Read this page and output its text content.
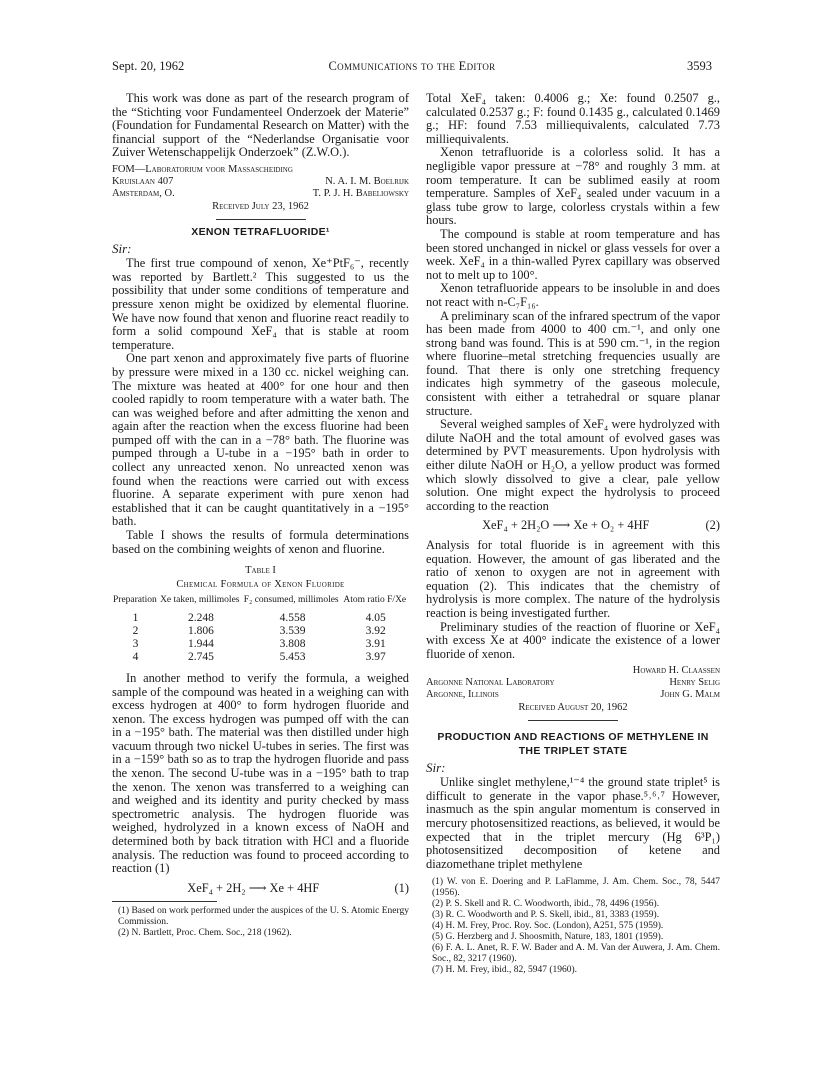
Sept. 20, 1962	Communications to the Editor	3593

This work was done as part of the research program of the “Stichting voor Fundamenteel Onderzoek der Materie” (Foundation for Fundamental Research on Matter) with the financial support of the “Nederlandse Organisatie voor Zuiver Wetenschappelijk Onderzoek” (Z.W.O.).

FOM—Laboratorium voor Massascheiding
Kruislaan 407	N. A. I. M. Boelrijk
Amsterdam, O.	T. P. J. H. Babeliowsky
Received July 23, 1962
XENON TETRAFLUORIDE¹
Sir:

The first true compound of xenon, Xe⁺PtF₆⁻, recently was reported by Bartlett.² This suggested to us the possibility that under some conditions of temperature and pressure xenon might be oxidized by elemental fluorine. We have now found that xenon and fluorine react readily to form a solid compound XeF₄ that is stable at room temperature.

One part xenon and approximately five parts of fluorine by pressure were mixed in a 130 cc. nickel weighing can. The mixture was heated at 400° for one hour and then cooled rapidly to room temperature with a water bath. The can was weighed before and after admitting the xenon and again after the reaction when the excess fluorine had been pumped off with the can in a −78° bath. The fluorine was pumped through a U-tube in a −195° bath in order to collect any unreacted xenon. No unreacted xenon was found when the reactions were carried out with excess fluorine. A separate experiment with pure xenon had established that it can be caught quantitatively in a −195° bath.

Table I shows the results of formula determinations based on the combining weights of xenon and fluorine.

Table I
Chemical Formula of Xenon Fluoride
Preparation	Xe taken, millimoles	F₂ consumed, millimoles	Atom ratio F/Xe
1	2.248	4.558	4.05
2	1.806	3.539	3.92
3	1.944	3.808	3.91
4	2.745	5.453	3.97

In another method to verify the formula, a weighed sample of the compound was heated in a weighing can with excess hydrogen at 400° to form hydrogen fluoride and xenon. The excess hydrogen was pumped off with the can in a −195° bath. The material was then distilled under high vacuum through two nickel U-tubes in series. The first was in a −159° bath so as to trap the hydrogen fluoride and pass the xenon. The second U-tube was in a −195° bath to trap the xenon. The xenon was transferred to a weighing can and weighed and its identity and purity checked by mass spectrometric analysis. The hydrogen fluoride was weighed, hydrolyzed in a known excess of NaOH and determined both by back titration with HCl and a fluoride analysis. The reduction was found to proceed according to reaction (1)

XeF₄ + 2H₂ ⟶ Xe + 4HF	(1)
(1) Based on work performed under the auspices of the U. S. Atomic Energy Commission.
(2) N. Bartlett, Proc. Chem. Soc., 218 (1962).

Total XeF₄ taken: 0.4006 g.; Xe: found 0.2507 g., calculated 0.2537 g.; F: found 0.1435 g., calculated 0.1469 g.; HF: found 7.53 milliequivalents, calculated 7.73 milliequivalents.

Xenon tetrafluoride is a colorless solid. It has a negligible vapor pressure at −78° and roughly 3 mm. at room temperature. It can be sublimed easily at room temperature. Samples of XeF₄ sealed under vacuum in a glass tube grow to large, colorless crystals within a few hours.

The compound is stable at room temperature and has been stored unchanged in nickel or glass vessels for over a week. XeF₄ in a thin-walled Pyrex capillary was observed not to melt up to 100°.

Xenon tetrafluoride appears to be insoluble in and does not react with n-C₇F₁₆.

A preliminary scan of the infrared spectrum of the vapor has been made from 4000 to 400 cm.⁻¹, and only one strong band was found. This is at 590 cm.⁻¹, in the region where fluorine–metal stretching frequencies usually are found. That there is only one stretching frequency indicates high symmetry of the gaseous molecule, consistent with either a tetrahedral or square planar structure.

Several weighed samples of XeF₄ were hydrolyzed with dilute NaOH and the total amount of evolved gases was determined by PVT measurements. Upon hydrolysis with either dilute NaOH or H₂O, a yellow product was formed which slowly dissolved to give a clear, pale yellow solution. One might expect the hydrolysis to proceed according to the reaction

XeF₄ + 2H₂O ⟶ Xe + O₂ + 4HF	(2)

Analysis for total fluoride is in agreement with this equation. However, the amount of gas liberated and the ratio of xenon to oxygen are not in agreement with equation (2). This indicates that the chemistry of hydrolysis is more complex. The nature of the hydrolysis reaction is being investigated further.

Preliminary studies of the reaction of fluorine or XeF₄ with excess Xe at 400° indicate the existence of a lower fluoride of xenon.

Howard H. Claassen
Argonne National Laboratory	Henry Selig
Argonne, Illinois	John G. Malm
Received August 20, 1962
PRODUCTION AND REACTIONS OF METHYLENE IN THE TRIPLET STATE
Sir:

Unlike singlet methylene,¹⁻⁴ the ground state triplet⁵ is difficult to generate in the vapor phase.⁵˒⁶˒⁷ However, inasmuch as the spin angular momentum is conserved in mercury photosensitized reactions, as believed, it would be expected that in the triplet mercury (Hg 6³P₁) photosensitized decomposition of ketene and diazomethane triplet methylene

(1) W. von E. Doering and P. LaFlamme, J. Am. Chem. Soc., 78, 5447 (1956).
(2) P. S. Skell and R. C. Woodworth, ibid., 78, 4496 (1956).
(3) R. C. Woodworth and P. S. Skell, ibid., 81, 3383 (1959).
(4) H. M. Frey, Proc. Roy. Soc. (London), A251, 575 (1959).
(5) G. Herzberg and J. Shoosmith, Nature, 183, 1801 (1959).
(6) F. A. L. Anet, R. F. W. Bader and A. M. Van der Auwera, J. Am. Chem. Soc., 82, 3217 (1960).
(7) H. M. Frey, ibid., 82, 5947 (1960).
